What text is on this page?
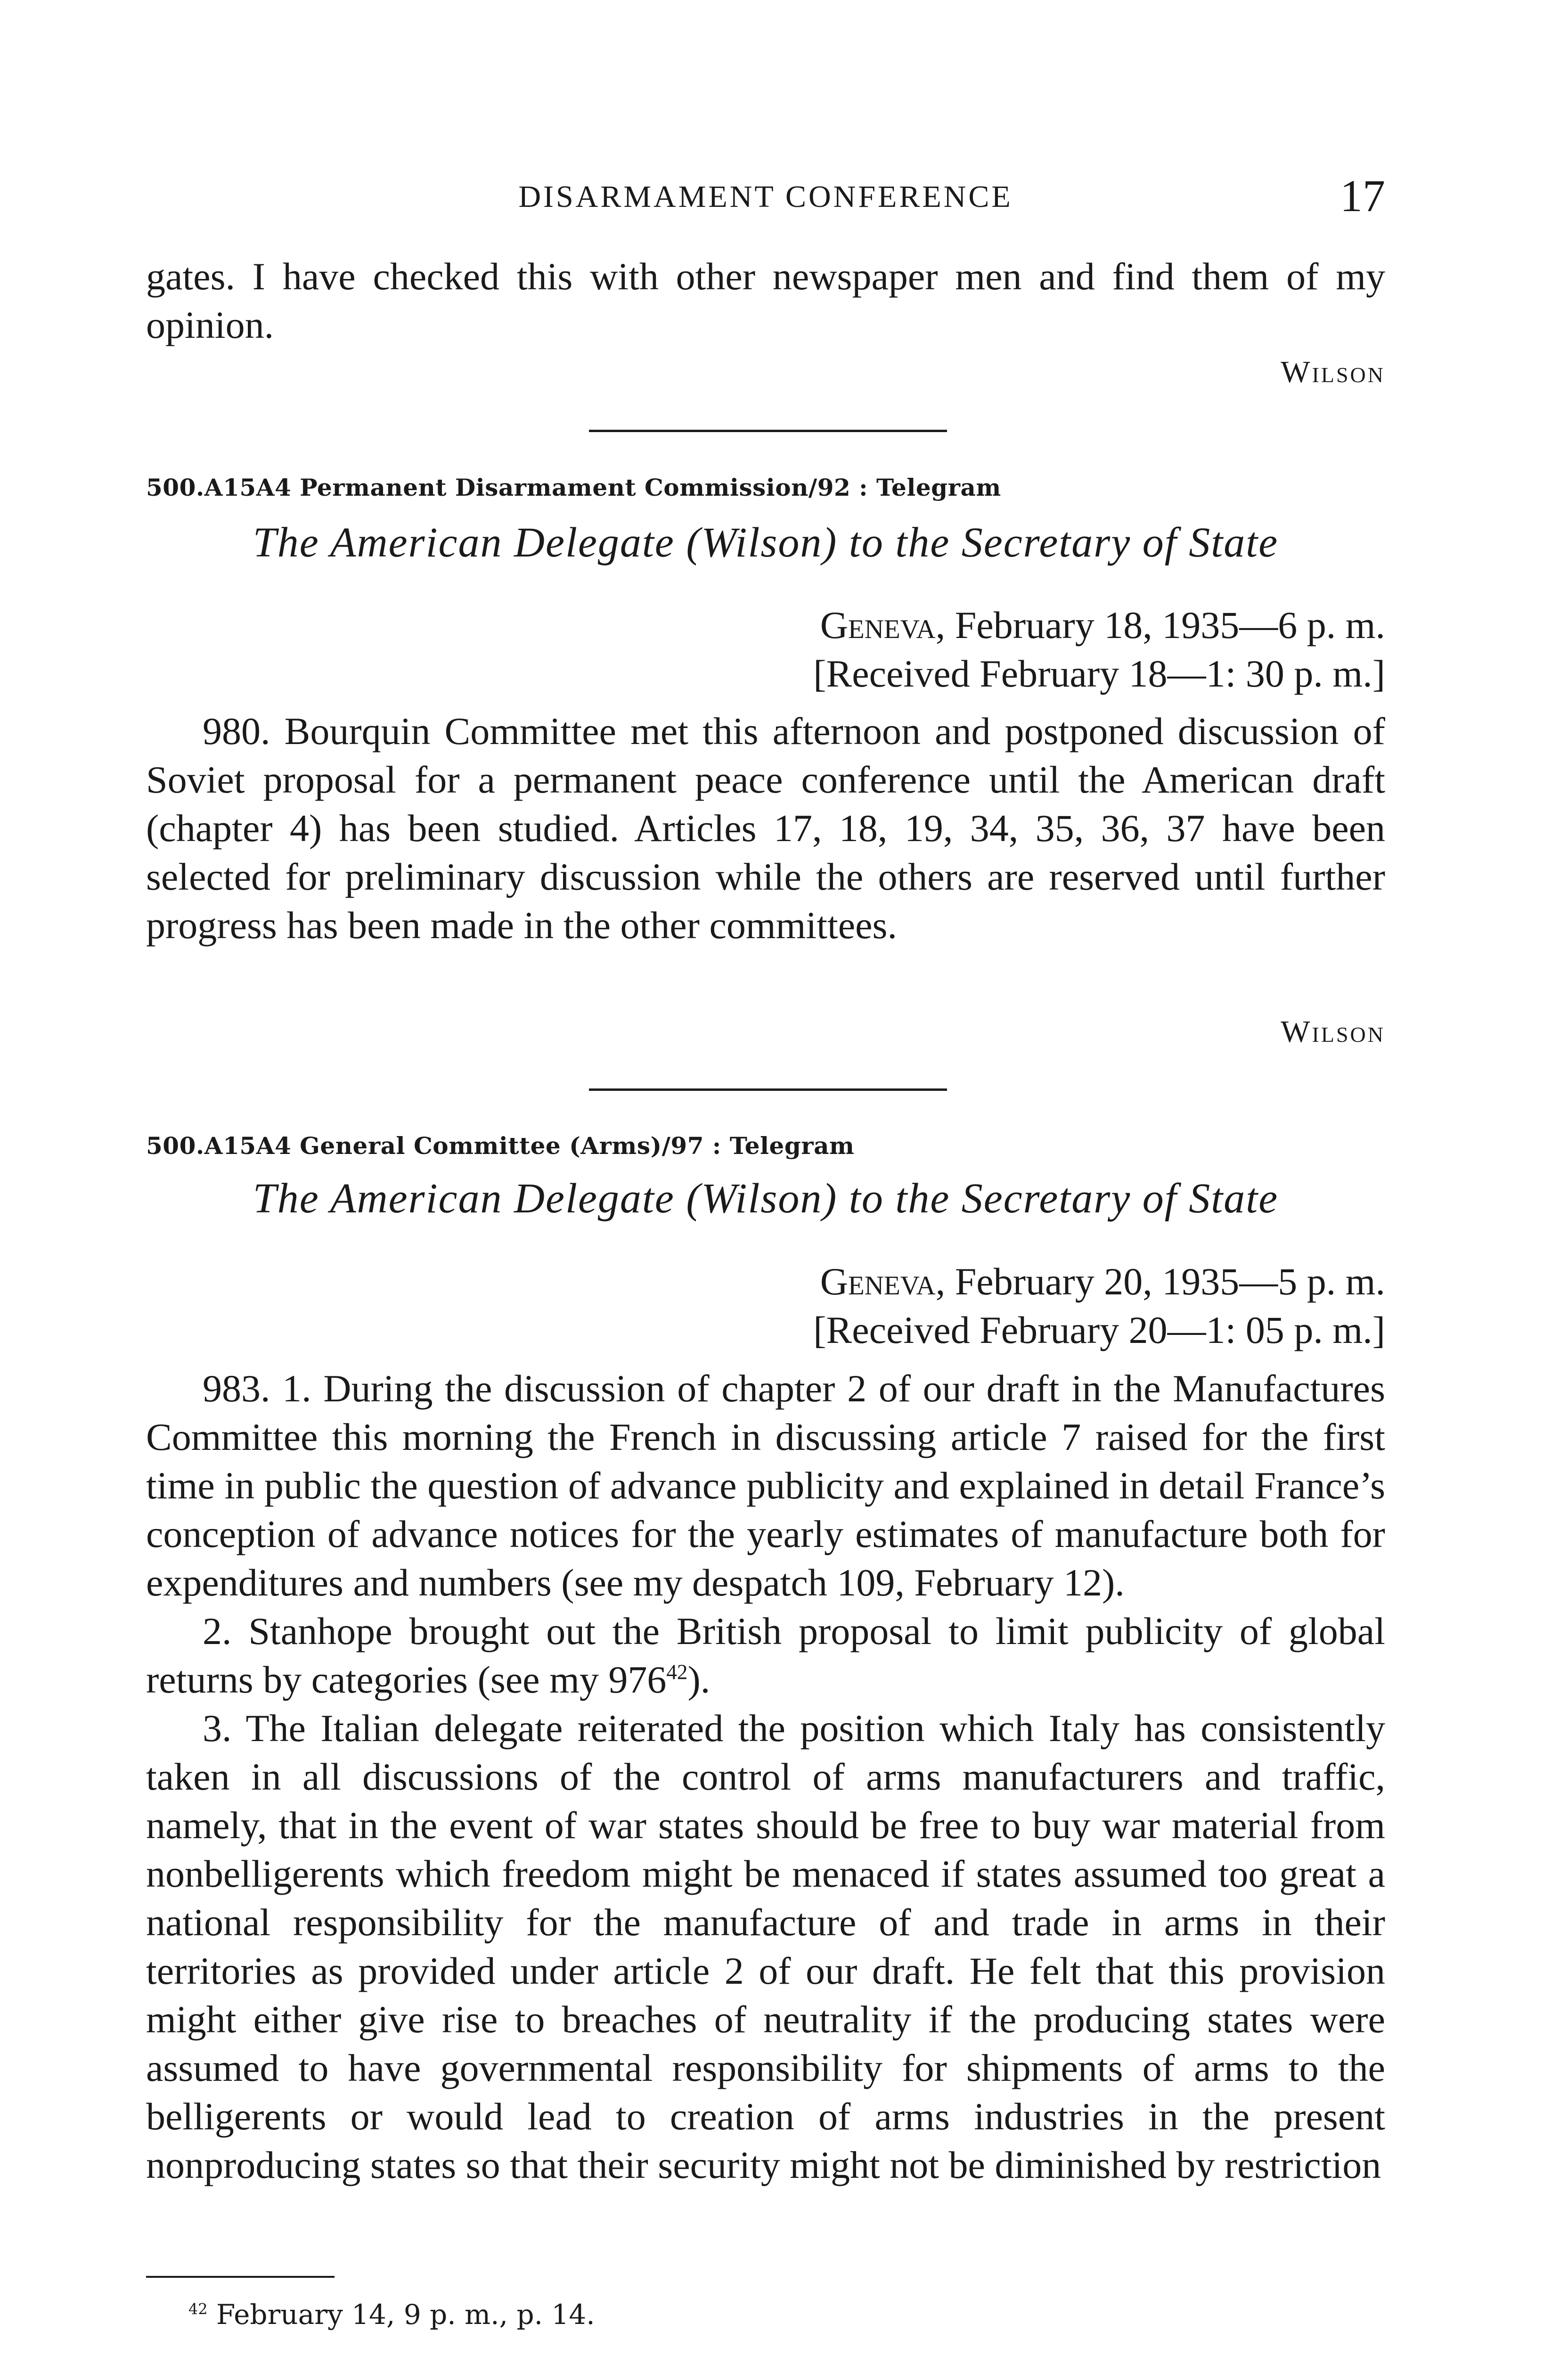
DISARMAMENT CONFERENCE	17

gates. I have checked this with other newspaper men and find them of my opinion.

Wilson
500.A15A4 Permanent Disarmament Commission/92 : Telegram
The American Delegate (Wilson) to the Secretary of State
Geneva, February 18, 1935—6 p. m.
[Received February 18—1: 30 p. m.]

980. Bourquin Committee met this afternoon and postponed discussion of Soviet proposal for a permanent peace conference until the American draft (chapter 4) has been studied. Articles 17, 18, 19, 34, 35, 36, 37 have been selected for preliminary discussion while the others are reserved until further progress has been made in the other committees.

Wilson
500.A15A4 General Committee (Arms)/97 : Telegram
The American Delegate (Wilson) to the Secretary of State
Geneva, February 20, 1935—5 p. m.
[Received February 20—1: 05 p. m.]

983. 1. During the discussion of chapter 2 of our draft in the Manufactures Committee this morning the French in discussing article 7 raised for the first time in public the question of advance publicity and explained in detail France’s conception of advance notices for the yearly estimates of manufacture both for expenditures and numbers (see my despatch 109, February 12).

2. Stanhope brought out the British proposal to limit publicity of global returns by categories (see my $976^{42}$).

3. The Italian delegate reiterated the position which Italy has consistently taken in all discussions of the control of arms manufacturers and traffic, namely, that in the event of war states should be free to buy war material from nonbelligerents which freedom might be menaced if states assumed too great a national responsibility for the manufacture of and trade in arms in their territories as provided under article 2 of our draft. He felt that this provision might either give rise to breaches of neutrality if the producing states were assumed to have governmental responsibility for shipments of arms to the belligerents or would lead to creation of arms industries in the present nonproducing states so that their security might not be diminished by restriction

$^{42}$ February 14, 9 p. m., p. 14.
